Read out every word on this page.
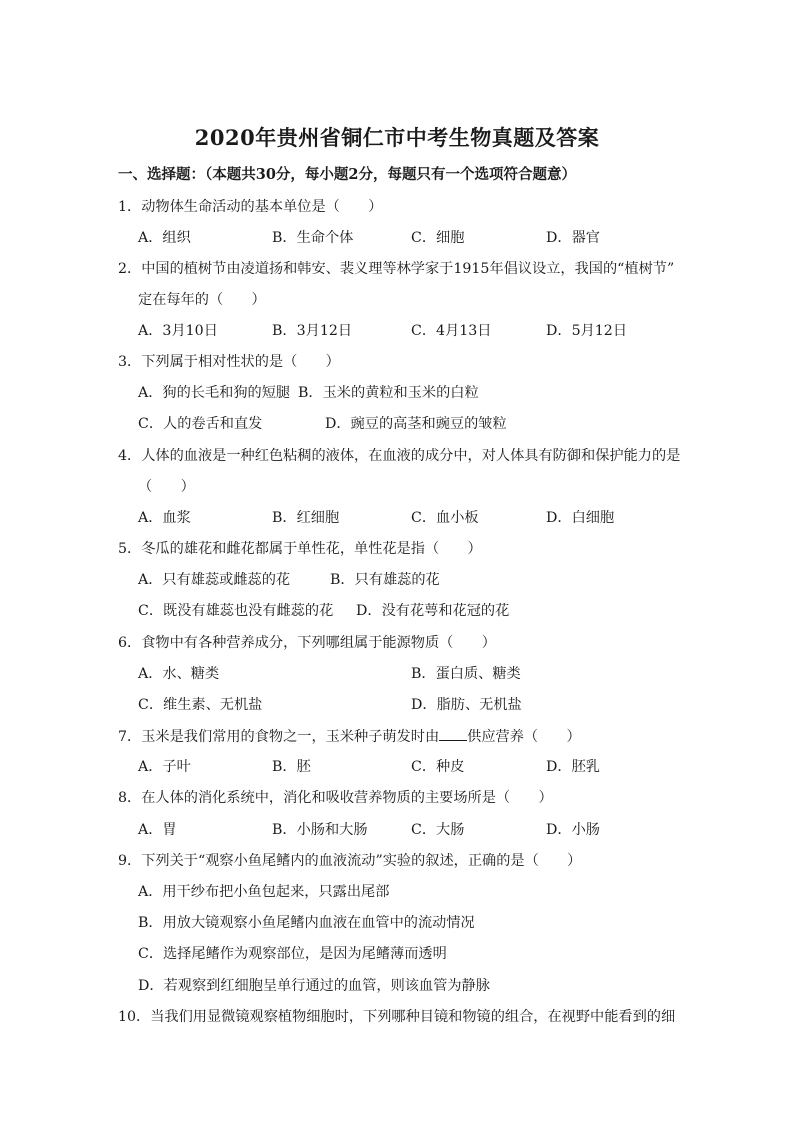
2020年贵州省铜仁市中考生物真题及答案
一、选择题：（本题共30分，每小题2分，每题只有一个选项符合题意）
1．动物体生命活动的基本单位是（　　）
A．组织	B．生命个体	C．细胞	D．器官
2．中国的植树节由凌道扬和韩安、裴义理等林学家于1915年倡议设立，我国的“植树节”
定在每年的（　　）
A．3月10日	B．3月12日	C．4月13日	D．5月12日
3．下列属于相对性状的是（　　）
A．狗的长毛和狗的短腿 B．玉米的黄粒和玉米的白粒
C．人的卷舌和直发	D．豌豆的高茎和豌豆的皱粒
4．人体的血液是一种红色粘稠的液体，在血液的成分中，对人体具有防御和保护能力的是
（　　）
A．血浆	B．红细胞	C．血小板	D．白细胞
5．冬瓜的雄花和雌花都属于单性花，单性花是指（　　）
A．只有雄蕊或雌蕊的花	B．只有雄蕊的花
C．既没有雄蕊也没有雌蕊的花 D．没有花萼和花冠的花
6．食物中有各种营养成分，下列哪组属于能源物质（　　）
A．水、糖类	B．蛋白质、糖类
C．维生素、无机盐	D．脂肪、无机盐
7．玉米是我们常用的食物之一，玉米种子萌发时由 供应营养（　　）
A．子叶	B．胚	C．种皮	D．胚乳
8．在人体的消化系统中，消化和吸收营养物质的主要场所是（　　）
A．胃	B．小肠和大肠	C．大肠	D．小肠
9．下列关于“观察小鱼尾鳍内的血液流动”实验的叙述，正确的是（　　）
A．用干纱布把小鱼包起来，只露出尾部
B．用放大镜观察小鱼尾鳍内血液在血管中的流动情况
C．选择尾鳍作为观察部位，是因为尾鳍薄而透明
D．若观察到红细胞呈单行通过的血管，则该血管为静脉
10．当我们用显微镜观察植物细胞时，下列哪种目镜和物镜的组合，在视野中能看到的细
